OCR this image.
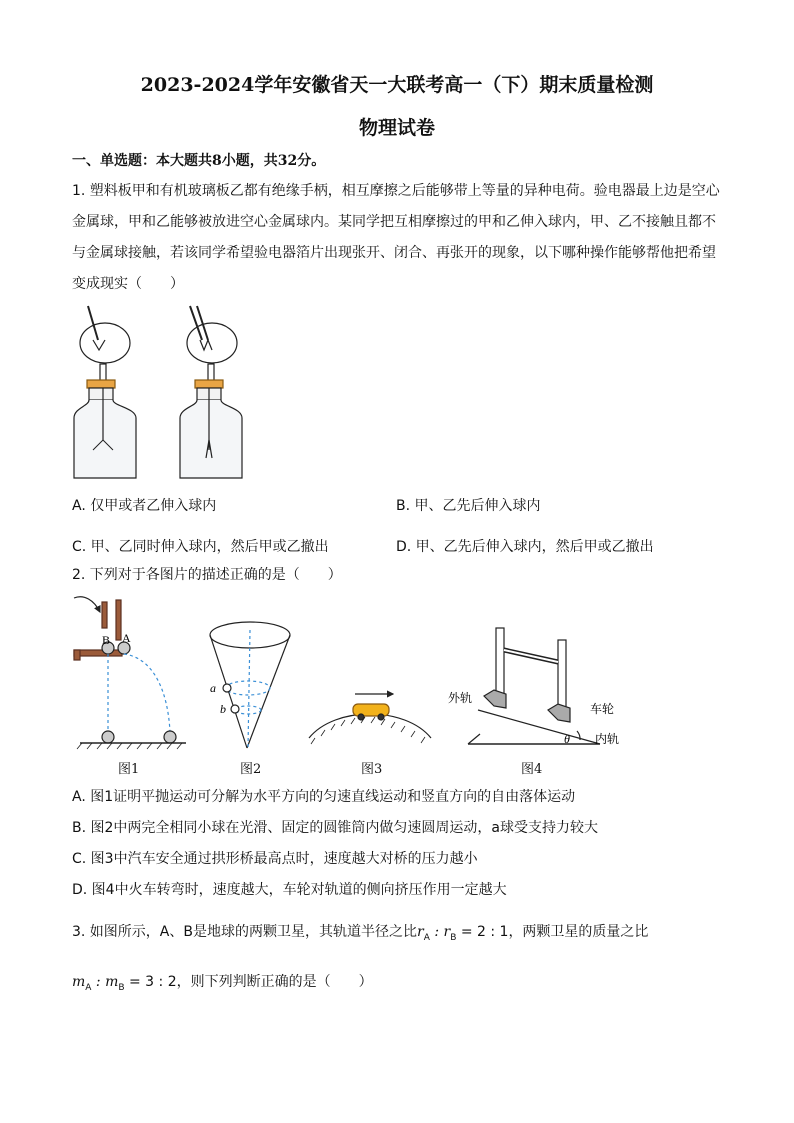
2023-2024学年安徽省天一大联考高一（下）期末质量检测
物理试卷
一、单选题：本大题共8小题，共32分。
1. 塑料板甲和有机玻璃板乙都有绝缘手柄，相互摩擦之后能够带上等量的异种电荷。验电器最上边是空心金属球，甲和乙能够被放进空心金属球内。某同学把互相摩擦过的甲和乙伸入球内，甲、乙不接触且都不与金属球接触，若该同学希望验电器箔片出现张开、闭合、再张开的现象，以下哪种操作能够帮他把希望变成现实（　　）
A. 仅甲或者乙伸入球内	B. 甲、乙先后伸入球内
C. 甲、乙同时伸入球内，然后甲或乙撤出	D. 甲、乙先后伸入球内，然后甲或乙撤出
2. 下列对于各图片的描述正确的是（　　）
B A
a
b
外轨
车轮
内轨
θ
图1	图2	图3	图4
A. 图1证明平抛运动可分解为水平方向的匀速直线运动和竖直方向的自由落体运动
B. 图2中两完全相同小球在光滑、固定的圆锥筒内做匀速圆周运动，a球受支持力较大
C. 图3中汽车安全通过拱形桥最高点时，速度越大对桥的压力越小
D. 图4中火车转弯时，速度越大，车轮对轨道的侧向挤压作用一定越大
3. 如图所示，A、B是地球的两颗卫星，其轨道半径之比$r_A$ : $r_B = 2$ : 1，两颗卫星的质量之比
$m_A$ : $m_B = 3$ : 2，则下列判断正确的是（　　）
